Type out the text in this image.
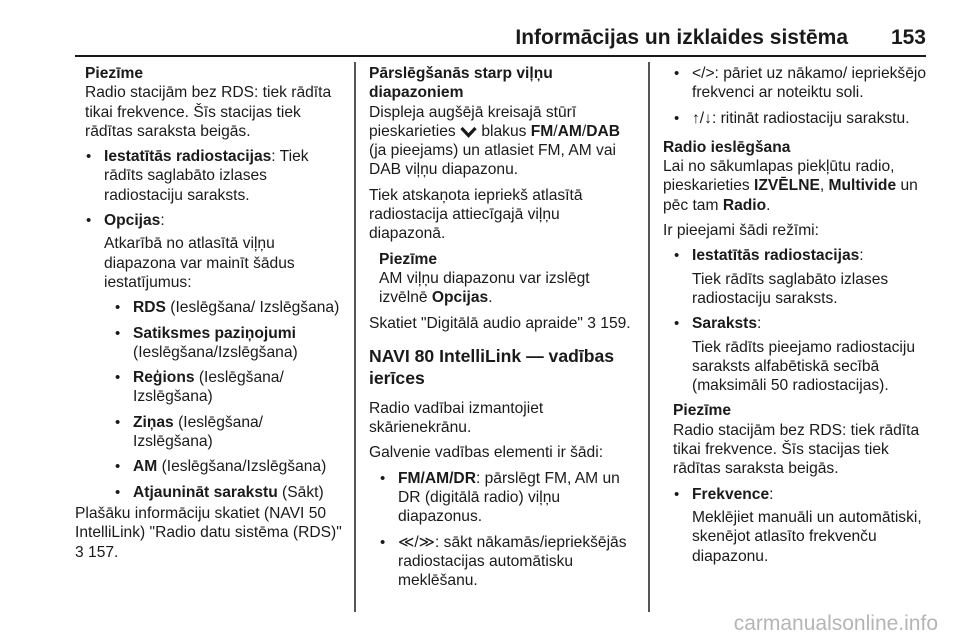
Informācijas un izklaides sistēma 153
Piezīme
Radio stacijām bez RDS: tiek rādīta tikai frekvence. Šīs stacijas tiek rādītas saraksta beigās.
• Iestatītās radiostacijas: Tiek rādīts saglabāto izlases radiostaciju saraksts.
• Opcijas:

Atkarībā no atlasītā viļņu diapazona var mainīt šādus iestatījumus:

• RDS (Ieslēgšana/ Izslēgšana)
• Satiksmes paziņojumi (Ieslēgšana/Izslēgšana)
• Reģions (Ieslēgšana/ Izslēgšana)
• Ziņas (Ieslēgšana/ Izslēgšana)
• AM (Ieslēgšana/Izslēgšana)
• Atjaunināt sarakstu (Sākt)

Plašāku informāciju skatiet (NAVI 50 IntelliLink) "Radio datu sistēma (RDS)" 3 157.

Pārslēgšanās starp viļņu diapazoniem

Displeja augšējā kreisajā stūrī pieskarieties  blakus FM/AM/DAB (ja pieejams) un atlasiet FM, AM vai DAB viļņu diapazonu.

Tiek atskaņota iepriekš atlasītā radiostacija attiecīgajā viļņu diapazonā.

Piezīme
AM viļņu diapazonu var izslēgt izvēlnē Opcijas.

Skatiet "Digitālā audio apraide" 3 159.

NAVI 80 IntelliLink — vadības ierīces

Radio vadībai izmantojiet skārienekrānu.

Galvenie vadības elementi ir šādi:

• FM/AM/DR: pārslēgt FM, AM un DR (digitālā radio) viļņu diapazonus.
• ≪/≫: sākt nākamās/iepriekšējās radiostacijas automātisku meklēšanu.
• </>: pāriet uz nākamo/ iepriekšējo frekvenci ar noteiktu soli.
• ↑/↓: ritināt radiostaciju sarakstu.
Radio ieslēgšana

Lai no sākumlapas piekļūtu radio, pieskarieties IZVĒLNE, Multivide un pēc tam Radio.

Ir pieejami šādi režīmi:

• Iestatītās radiostacijas:

Tiek rādīts saglabāto izlases radiostaciju saraksts.

• Saraksts:

Tiek rādīts pieejamo radiostaciju saraksts alfabētiskā secībā (maksimāli 50 radiostacijas).

Piezīme
Radio stacijām bez RDS: tiek rādīta tikai frekvence. Šīs stacijas tiek rādītas saraksta beigās.
• Frekvence:

Meklējiet manuāli un automātiski, skenējot atlasīto frekvenču diapazonu.

carmanualsonline.info
